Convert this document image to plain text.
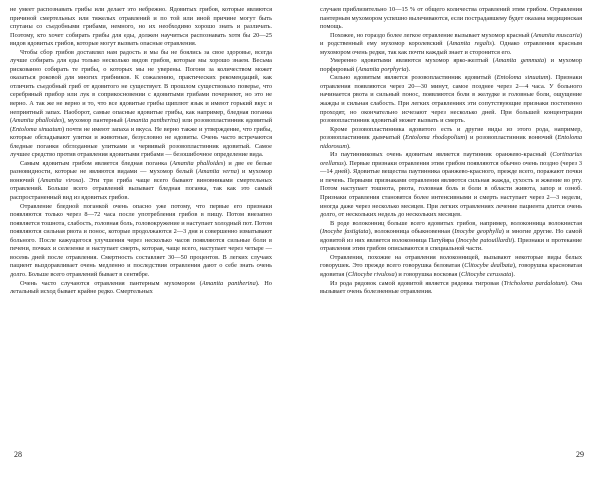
не умеет распознавать грибы или делает это небрежно. Ядовитых грибов, которые являются причиной смертельных или тяжелых отравлений и по той или иной причине могут быть спутаны со съедобными грибами, немного, но их необходимо хорошо знать и различать. Поэтому, кто хочет собирать грибы для еды, должен научиться распознавать хотя бы 20—25 видов ядовитых грибов, которые могут вызвать опасные отравления.

Чтобы сбор грибов доставлял нам радость и мы бы не боялись за свое здоровье, всегда лучше собирать для еды только несколько видов грибов, которые мы хорошо знаем. Весьма рискованно собирать те грибы, о которых мы не уверены. Погоня за количеством может оказаться роковой для многих грибников. К сожалению, практических рекомендаций, как отличить съедобный гриб от ядовитого не существует. В прошлом существовало поверье, что серебряный прибор или лук в соприкосновении с ядовитыми грибами почернеют, но это не верно. А так же не верно и то, что все ядовитые грибы щиплют язык и имеют горький вкус и неприятный запах. Наоборот, самые опасные ядовитые грибы, как например, бледная поганка (Amanita phalloides), мухомор пантерный (Amanita pantherina) или розовопластинник ядовитый (Entoloma sinuatum) почти не имеют запаха и вкуса. Не верно также и утверждение, что грибы, которые обгладывают улитки и животные, безусловно не ядовиты. Очень часто встречаются бледные поганки обглоданные улитками и червивый розовопластинник ядовитый. Самое лучшее средство против отравления ядовитыми грибами — безошибочное определение вида.

Самым ядовитым грибом является бледная поганка (Amanita phalloides) и две ее белые разновидности, которые не являются видами — мухомор белый (Amanita verna) и мухомор вонючий (Amanita virosa). Эти три гриба чаще всего бывают виновниками смертельных отравлений. Больше всего отравлений вызывает бледная поганка, так как это самый распространенный вид из ядовитых грибов.

Отравление бледной поганкой очень опасно уже потому, что первые его признаки появляются только через 8—72 часа после употребления грибов в пищу. Потом внезапно появляется тошнота, слабость, головная боль, головокружение и наступает холодный пот. Потом появляются сильная рвота и понос, которые продолжаются 2—3 дня и совершенно изматывают больного. После кажущегося улучшения через несколько часов появляются сильные боли в печени, почках и селезенке и наступает смерть, которая, чаще всего, наступает через четыре — восемь дней после отравления. Смертность составляет 30—50 процентов. В легких случаях пациент выздоравливает очень медленно и последствия отравления дают о себе знать очень долго. Больше всего отравлений бывает в сентябре.

Очень часто случаются отравления пантерным мухомором (Amanita pantherina). Но летальный исход бывает крайне редко. Смертельных

28

случаев приблизительно 10—15 % от общего количества отравлений этим грибом. Отравления пантерным мухомором успешно вылечиваются, если пострадавшему будет оказана медицинская помощь.

Похожее, но гораздо более легкое отравление вызывает мухомор красный (Amanita muscaria) и родственный ему мухомор королевский (Amanita regalis). Однако отравления красным мухомором очень редки, так как почти каждый знает и сторонится его.

Умеренно ядовитыми являются мухомор ярко-желтый (Amanita gemmata) и мухомор порфировый (Amanita porphyria).

Сильно ядовитым является розовопластинник ядовитый (Entoloma sinuatum). Признаки отравления появляются через 20—30 минут, самое позднее через 2—4 часа. У больного начинается рвота и сильный понос, появляются боли в желудке и головные боли, ощущение жажды и сильная слабость. При легких отравлениях эти сопутствующие признаки постепенно проходят, но окончательно исчезают через несколько дней. При большей концентрации розовопластинник ядовитый может вызвать и смерть.

Кроме розовопластинника ядовитого есть и другие виды из этого рода, например, розовопластинник дымчатый (Entoloma rhodopolium) и розовопластинник вонючий (Entoloma nidorosum).

Из паутинниковых очень ядовитым является паутинник оранжево-красный (Cortinarius orellanus). Первые признаки отравления этим грибом появляются обычно очень поздно (через 3—14 дней). Ядовитые вещества паутинника оранжево-красного, прежде всего, поражают почки и печень. Первыми признаками отравления являются сильная жажда, сухость и жжение во рту. Потом наступает тошнота, рвота, головная боль и боли в области живота, запор и озноб. Признаки отравления становятся более интенсивными и смерть наступает через 2—3 недели, иногда даже через несколько месяцев. При легких отравлениях лечение пациента длится очень долго, от нескольких недель до нескольких месяцев.

В роде волоконниц больше всего ядовитых грибов, например, волоконница волокнистая (Inocybe fastigiata), волоконница обыкновенная (Inocybe geophylla) и многие другие. Но самой ядовитой из них является волоконница Патуйяра (Inocybe patouillardii). Признаки и протекание отравления этим грибом описываются в специальной части.

Отравления, похожие на отравления волоконницей, вызывают некоторые виды белых говорушек. Это прежде всего говорушка беловатая (Clitocybe dealbata), говорушка красноватая ядовитая (Clitocybe rivulosa) и говорушка восковая (Clitocybe cerussata).

Из рода рядовок самой ядовитой является рядовка тигровая (Tricholoma pardalotum). Она вызывает очень болезненные отравления.

29
